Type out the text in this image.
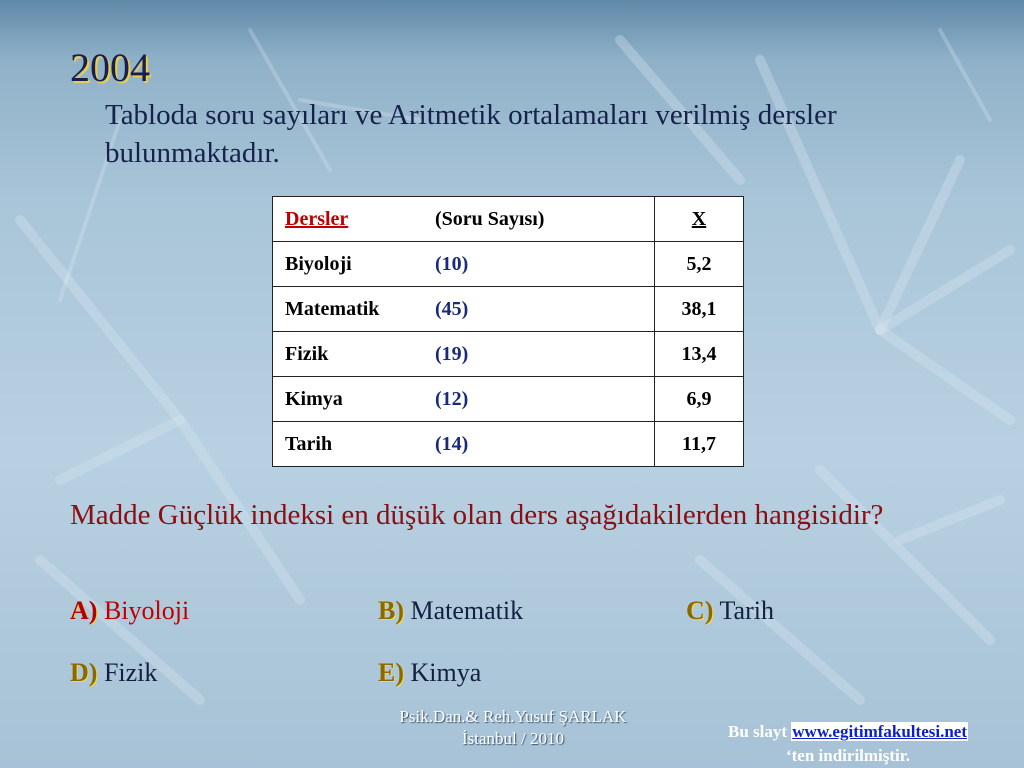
2004

Tabloda soru sayıları ve Aritmetik ortalamaları verilmiş dersler bulunmaktadır.

Dersler (Soru Sayısı)	X
Biyoloji (10)	5,2
Matematik (45)	38,1
Fizik (19)	13,4
Kimya (12)	6,9
Tarih (14)	11,7

Madde Güçlük indeksi en düşük olan ders aşağıdakilerden hangisidir?

A) Biyoloji	B) Matematik	C) Tarih
D) Fizik	E) Kimya
Psik.Dan.& Reh.Yusuf ŞARLAK
İstanbul / 2010	Bu slayt www.egitimfakultesi.net
‘ten indirilmiştir.
